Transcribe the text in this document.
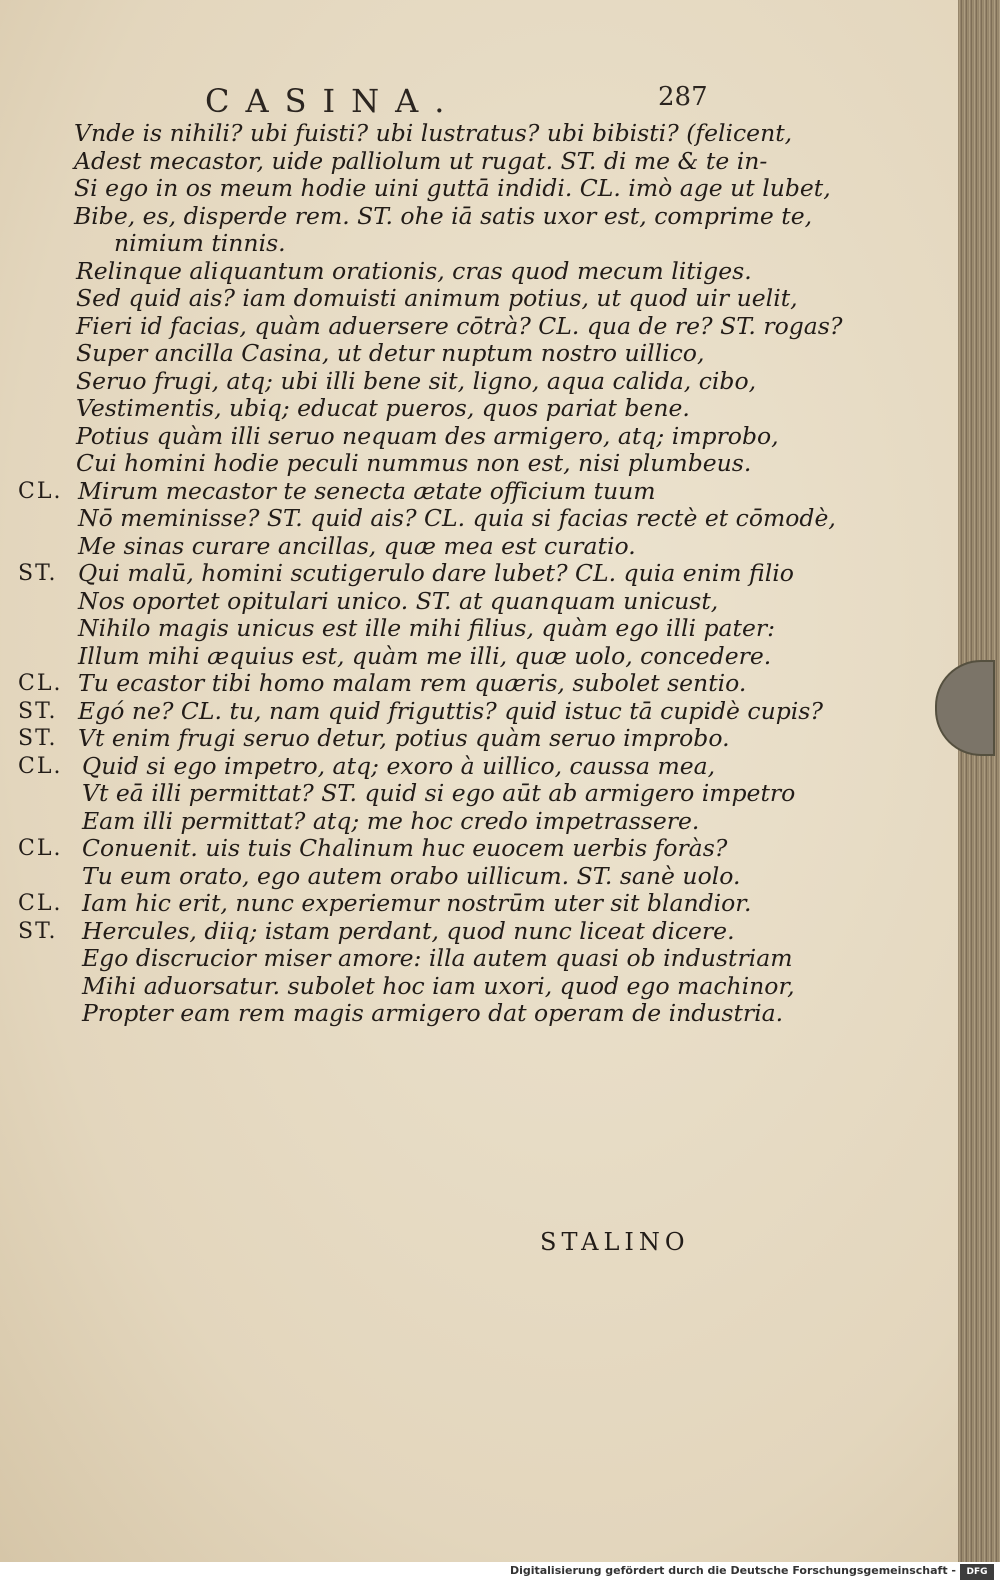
CASINA.	287
Vnde is nihili? ubi fuisti? ubi lustratus? ubi bibisti? (felicent,
Adest mecastor, uide palliolum ut rugat. ST. di me & te in-
Si ego in os meum hodie uini guttā indidi. CL. imò age ut lubet,
Bibe, es, disperde rem. ST. ohe iā satis uxor est, comprime te,
nimium tinnis.
Relinque aliquantum orationis, cras quod mecum litiges.
Sed quid ais? iam domuisti animum potius, ut quod uir uelit,
Fieri id facias, quàm aduersere cōtrà? CL. qua de re? ST. rogas?
Super ancilla Casina, ut detur nuptum nostro uillico,
Seruo frugi, atq; ubi illi bene sit, ligno, aqua calida, cibo,
Vestimentis, ubiq; educat pueros, quos pariat bene.
Potius quàm illi seruo nequam des armigero, atq; improbo,
Cui homini hodie peculi nummus non est, nisi plumbeus.
CL. Mirum mecastor te senecta ætate officium tuum
Nō meminisse? ST. quid ais? CL. quia si facias rectè et cōmodè,
Me sinas curare ancillas, quæ mea est curatio.
ST. Qui malū, homini scutigerulo dare lubet? CL. quia enim filio
Nos oportet opitulari unico. ST. at quanquam unicust,
Nihilo magis unicus est ille mihi filius, quàm ego illi pater:
Illum mihi æquius est, quàm me illi, quæ uolo, concedere.
CL. Tu ecastor tibi homo malam rem quæris, subolet sentio.
ST. Egó ne? CL. tu, nam quid friguttis? quid istuc tā cupidè cupis?
ST. Vt enim frugi seruo detur, potius quàm seruo improbo.
CL. Quid si ego impetro, atq; exoro à uillico, caussa mea,
Vt eā illi permittat? ST. quid si ego aūt ab armigero impetro
Eam illi permittat? atq; me hoc credo impetrassere.
CL. Conuenit. uis tuis Chalinum huc euocem uerbis foràs?
Tu eum orato, ego autem orabo uillicum. ST. sanè uolo.
CL. Iam hic erit, nunc experiemur nostrūm uter sit blandior.
ST. Hercules, diiq; istam perdant, quod nunc liceat dicere.
Ego discrucior miser amore: illa autem quasi ob industriam
Mihi aduorsatur. subolet hoc iam uxori, quod ego machinor,
Propter eam rem magis armigero dat operam de industria.
STALINO
Digitalisierung gefördert durch die Deutsche Forschungsgemeinschaft -	DFG
